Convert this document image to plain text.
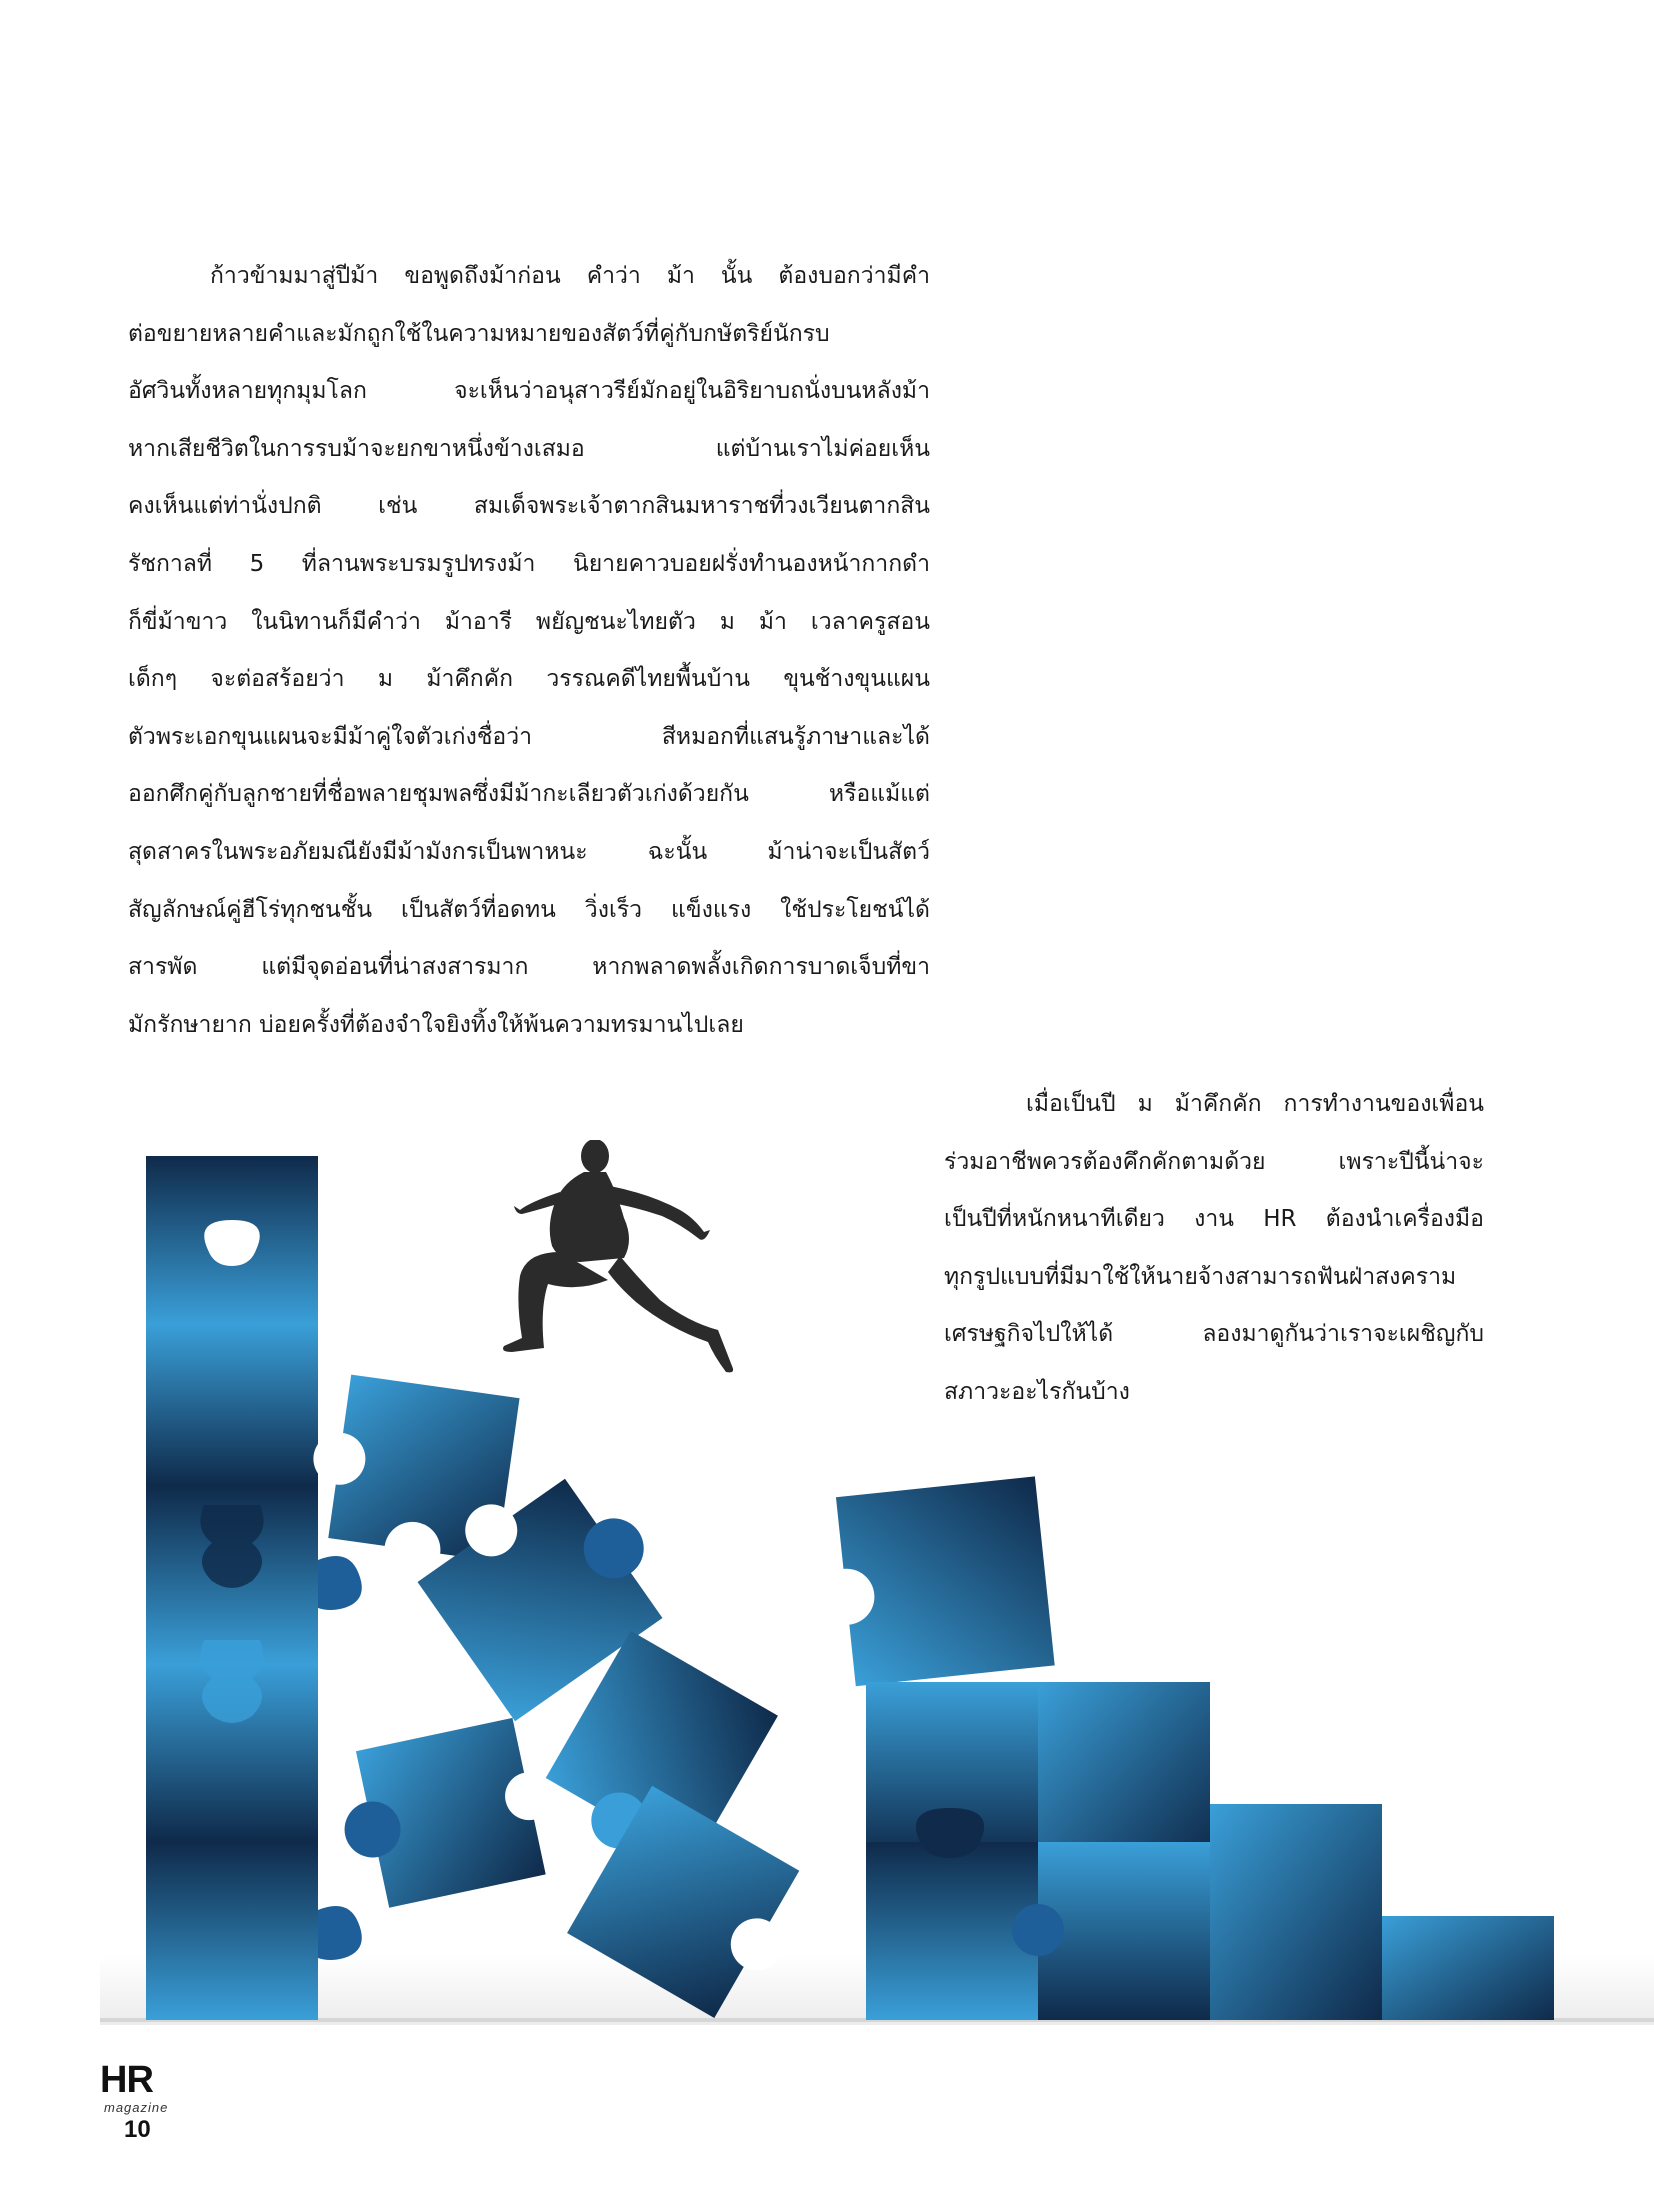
ก้าวข้ามมาสู่ปีม้า ขอพูดถึงม้าก่อน คำว่า ม้า นั้น ต้องบอกว่ามีคำ
ต่อขยายหลายคำและมักถูกใช้ในความหมายของสัตว์ที่คู่กับกษัตริย์นักรบ
อัศวินทั้งหลายทุกมุมโลก จะเห็นว่าอนุสาวรีย์มักอยู่ในอิริยาบถนั่งบนหลังม้า
หากเสียชีวิตในการรบม้าจะยกขาหนึ่งข้างเสมอ แต่บ้านเราไม่ค่อยเห็น
คงเห็นแต่ท่านั่งปกติ เช่น สมเด็จพระเจ้าตากสินมหาราชที่วงเวียนตากสิน
รัชกาลที่ 5 ที่ลานพระบรมรูปทรงม้า นิยายคาวบอยฝรั่งทำนองหน้ากากดำ
ก็ขี่ม้าขาว ในนิทานก็มีคำว่า ม้าอารี พยัญชนะไทยตัว ม ม้า เวลาครูสอน
เด็กๆ จะต่อสร้อยว่า ม ม้าคึกคัก วรรณคดีไทยพื้นบ้าน ขุนช้างขุนแผน
ตัวพระเอกขุนแผนจะมีม้าคู่ใจตัวเก่งชื่อว่า สีหมอกที่แสนรู้ภาษาและได้
ออกศึกคู่กับลูกชายที่ชื่อพลายชุมพลซึ่งมีม้ากะเลียวตัวเก่งด้วยกัน หรือแม้แต่
สุดสาครในพระอภัยมณียังมีม้ามังกรเป็นพาหนะ ฉะนั้น ม้าน่าจะเป็นสัตว์
สัญลักษณ์คู่ฮีโร่ทุกชนชั้น เป็นสัตว์ที่อดทน วิ่งเร็ว แข็งแรง ใช้ประโยชน์ได้
สารพัด แต่มีจุดอ่อนที่น่าสงสารมาก หากพลาดพลั้งเกิดการบาดเจ็บที่ขา
มักรักษายาก บ่อยครั้งที่ต้องจำใจยิงทิ้งให้พ้นความทรมานไปเลย
เมื่อเป็นปี ม ม้าคึกคัก การทำงานของเพื่อน
ร่วมอาชีพควรต้องคึกคักตามด้วย เพราะปีนี้น่าจะ
เป็นปีที่หนักหนาทีเดียว งาน HR ต้องนำเครื่องมือ
ทุกรูปแบบที่มีมาใช้ให้นายจ้างสามารถฟันฝ่าสงคราม
เศรษฐกิจไปให้ได้ ลองมาดูกันว่าเราจะเผชิญกับ
สภาวะอะไรกันบ้าง
HR
magazine
10
